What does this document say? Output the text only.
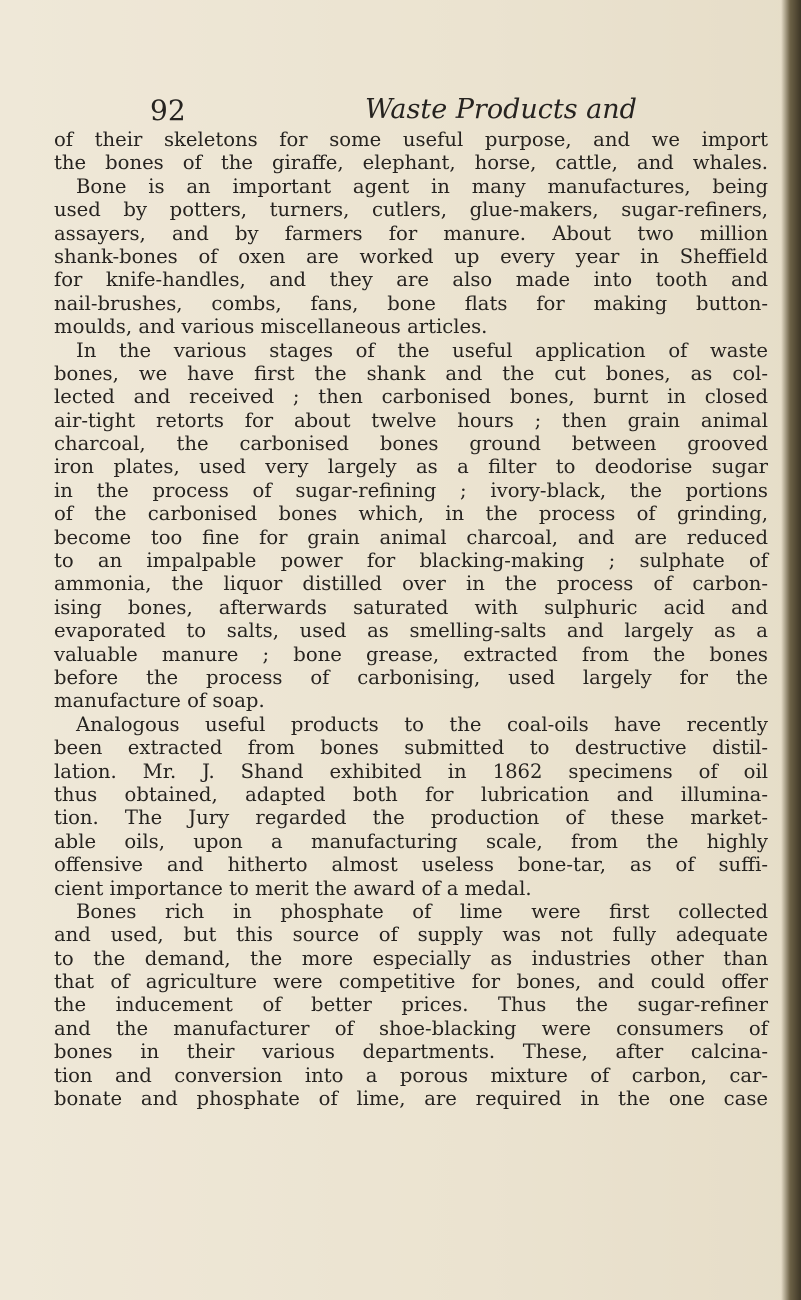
92	Waste Products and
of their skeletons for some useful purpose, and we import
the bones of the giraffe, elephant, horse, cattle, and whales.
Bone is an important agent in many manufactures, being
used by potters, turners, cutlers, glue-makers, sugar-refiners,
assayers, and by farmers for manure. About two million
shank-bones of oxen are worked up every year in Sheffield
for knife-handles, and they are also made into tooth and
nail-brushes, combs, fans, bone flats for making button-
moulds, and various miscellaneous articles.
In the various stages of the useful application of waste
bones, we have first the shank and the cut bones, as col-
lected and received ; then carbonised bones, burnt in closed
air-tight retorts for about twelve hours ; then grain animal
charcoal, the carbonised bones ground between grooved
iron plates, used very largely as a filter to deodorise sugar
in the process of sugar-refining ; ivory-black, the portions
of the carbonised bones which, in the process of grinding,
become too fine for grain animal charcoal, and are reduced
to an impalpable power for blacking-making ; sulphate of
ammonia, the liquor distilled over in the process of carbon-
ising bones, afterwards saturated with sulphuric acid and
evaporated to salts, used as smelling-salts and largely as a
valuable manure ; bone grease, extracted from the bones
before the process of carbonising, used largely for the
manufacture of soap.
Analogous useful products to the coal-oils have recently
been extracted from bones submitted to destructive distil-
lation. Mr. J. Shand exhibited in 1862 specimens of oil
thus obtained, adapted both for lubrication and illumina-
tion. The Jury regarded the production of these market-
able oils, upon a manufacturing scale, from the highly
offensive and hitherto almost useless bone-tar, as of suffi-
cient importance to merit the award of a medal.
Bones rich in phosphate of lime were first collected
and used, but this source of supply was not fully adequate
to the demand, the more especially as industries other than
that of agriculture were competitive for bones, and could offer
the inducement of better prices. Thus the sugar-refiner
and the manufacturer of shoe-blacking were consumers of
bones in their various departments. These, after calcina-
tion and conversion into a porous mixture of carbon, car-
bonate and phosphate of lime, are required in the one case
